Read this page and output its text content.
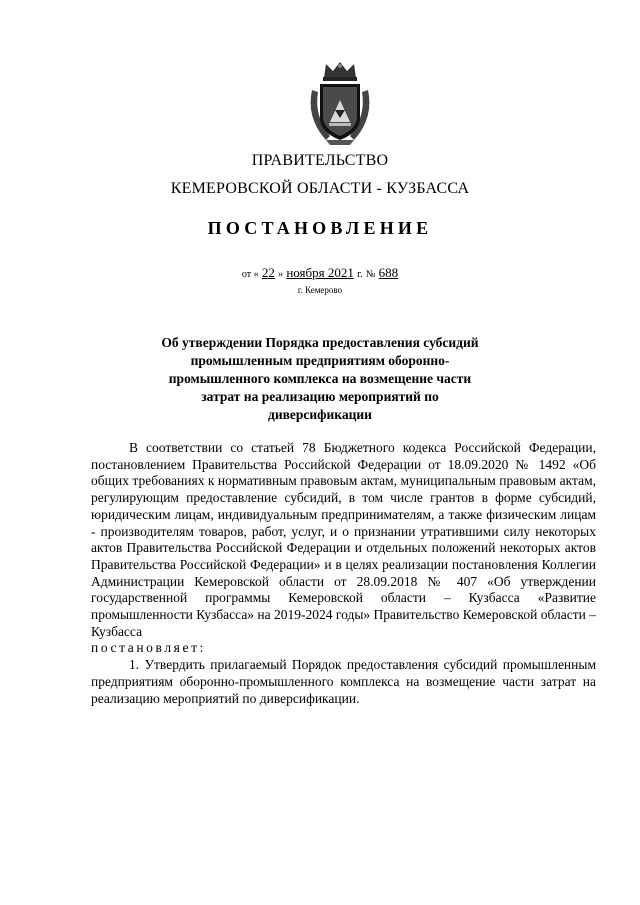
ПРАВИТЕЛЬСТВО
КЕМЕРОВСКОЙ ОБЛАСТИ - КУЗБАССА
ПОСТАНОВЛЕНИЕ
от « 22 » ноября 2021 г. № 688
г. Кемерово
Об утверждении Порядка предоставления субсидий промышленным предприятиям оборонно-промышленного комплекса на возмещение части затрат на реализацию мероприятий по диверсификации

В соответствии со статьей 78 Бюджетного кодекса Российской Федерации, постановлением Правительства Российской Федерации от 18.09.2020 № 1492 «Об общих требованиях к нормативным правовым актам, муниципальным правовым актам, регулирующим предоставление субсидий, в том числе грантов в форме субсидий, юридическим лицам, индивидуальным предпринимателям, а также физическим лицам - производителям товаров, работ, услуг, и о признании утратившими силу некоторых актов Правительства Российской Федерации и отдельных положений некоторых актов Правительства Российской Федерации» и в целях реализации постановления Коллегии Администрации Кемеровской области от 28.09.2018 № 407 «Об утверждении государственной программы Кемеровской области – Кузбасса «Развитие промышленности Кузбасса» на 2019-2024 годы» Правительство Кемеровской области – Кузбасса

постановляет:

1. Утвердить прилагаемый Порядок предоставления субсидий промышленным предприятиям оборонно-промышленного комплекса на возмещение части затрат на реализацию мероприятий по диверсификации.
